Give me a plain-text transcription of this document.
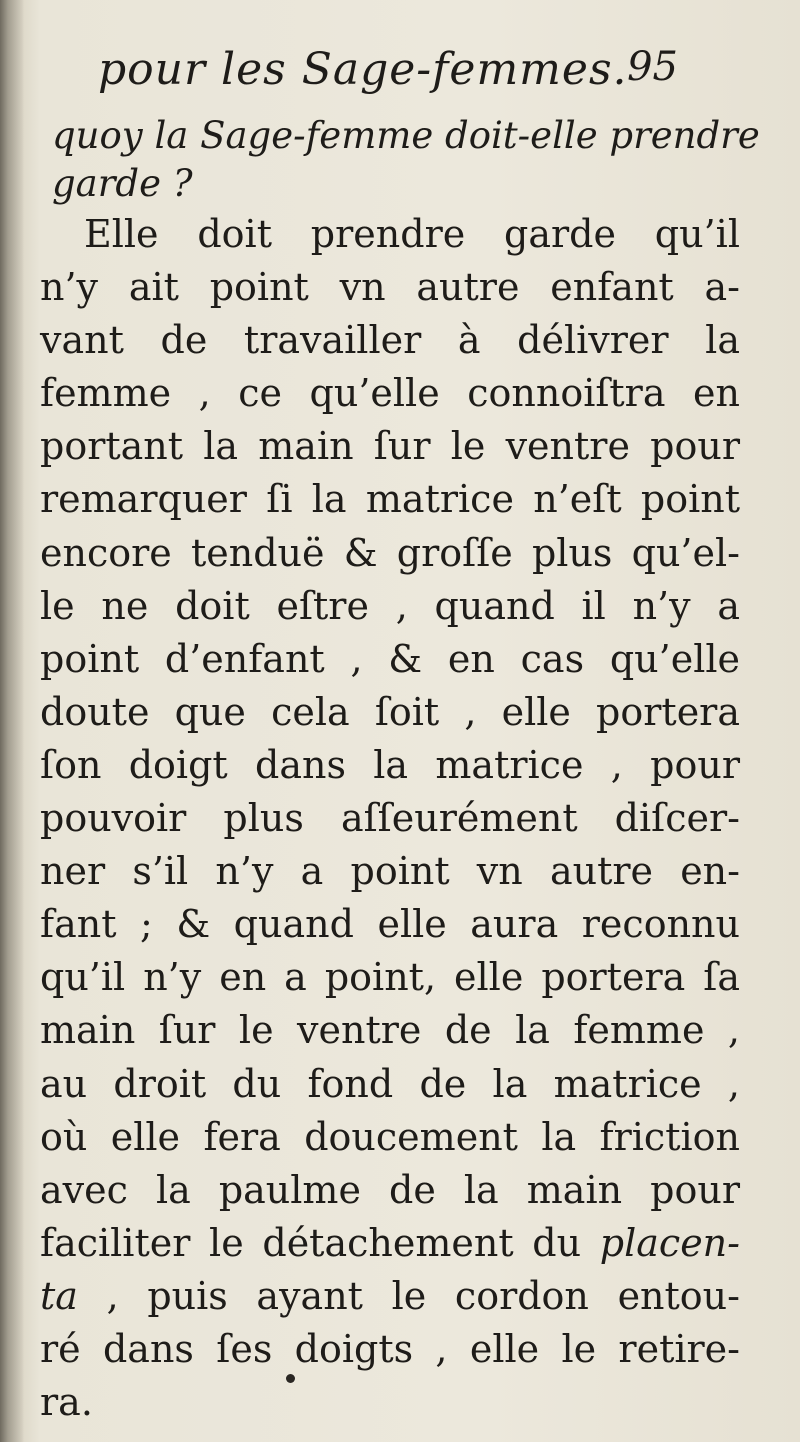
pour les Sage-femmes. 95
quoy la Sage-femme doit-elle prendre
garde ?
Elle doit prendre garde qu’il
n’y ait point vn autre enfant a-
vant de travailler à délivrer la
femme , ce qu’elle connoiſtra en
portant la main ſur le ventre pour
remarquer ſi la matrice n’eſt point
encore tenduë & groſſe plus qu’el-
le ne doit eſtre , quand il n’y a
point d’enfant , & en cas qu’elle
doute que cela ſoit , elle portera
ſon doigt dans la matrice , pour
pouvoir plus aſſeurément diſcer-
ner s’il n’y a point vn autre en-
fant ; & quand elle aura reconnu
qu’il n’y en a point, elle portera ſa
main ſur le ventre de la femme ,
au droit du fond de la matrice ,
où elle fera doucement la friction
avec la paulme de la main pour
faciliter le détachement du placen-
ta , puis ayant le cordon entou-
ré dans ſes doigts , elle le retire-
ra.
